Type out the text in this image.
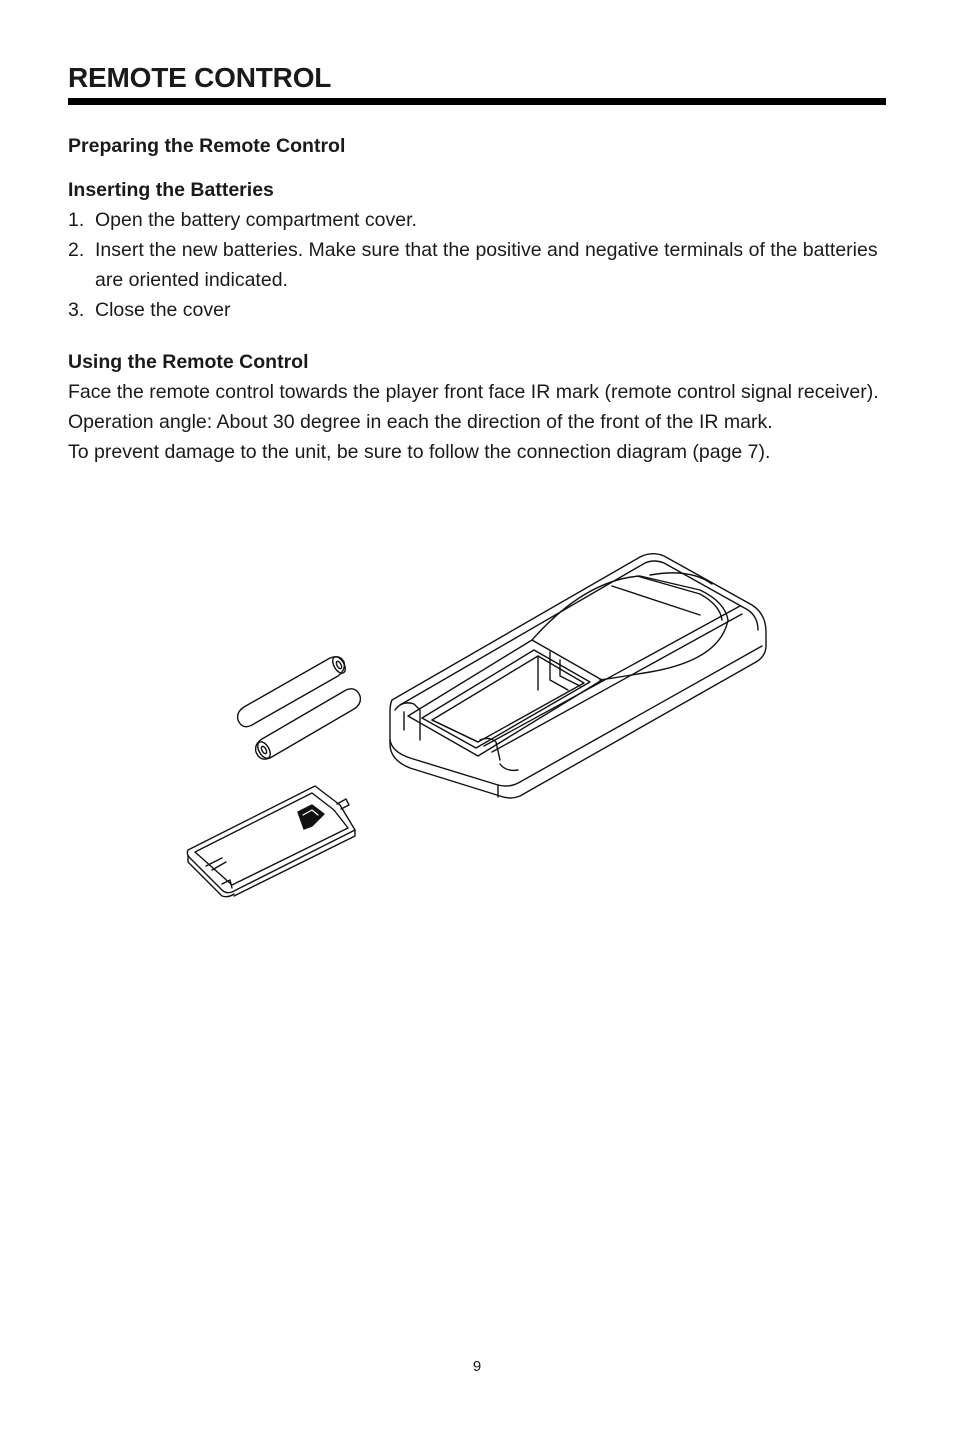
REMOTE CONTROL

Preparing the Remote Control

Inserting the Batteries

1. Open the battery compartment cover.
2. Insert the new batteries. Make sure that the positive and negative terminals of the batteries are oriented indicated.
3. Close the cover

Using the Remote Control

Face the remote control towards the player front face IR mark (remote control signal receiver).

Operation angle: About 30 degree in each the direction of the front of the IR mark.

To prevent damage to the unit, be sure to follow the connection diagram (page 7).

9
